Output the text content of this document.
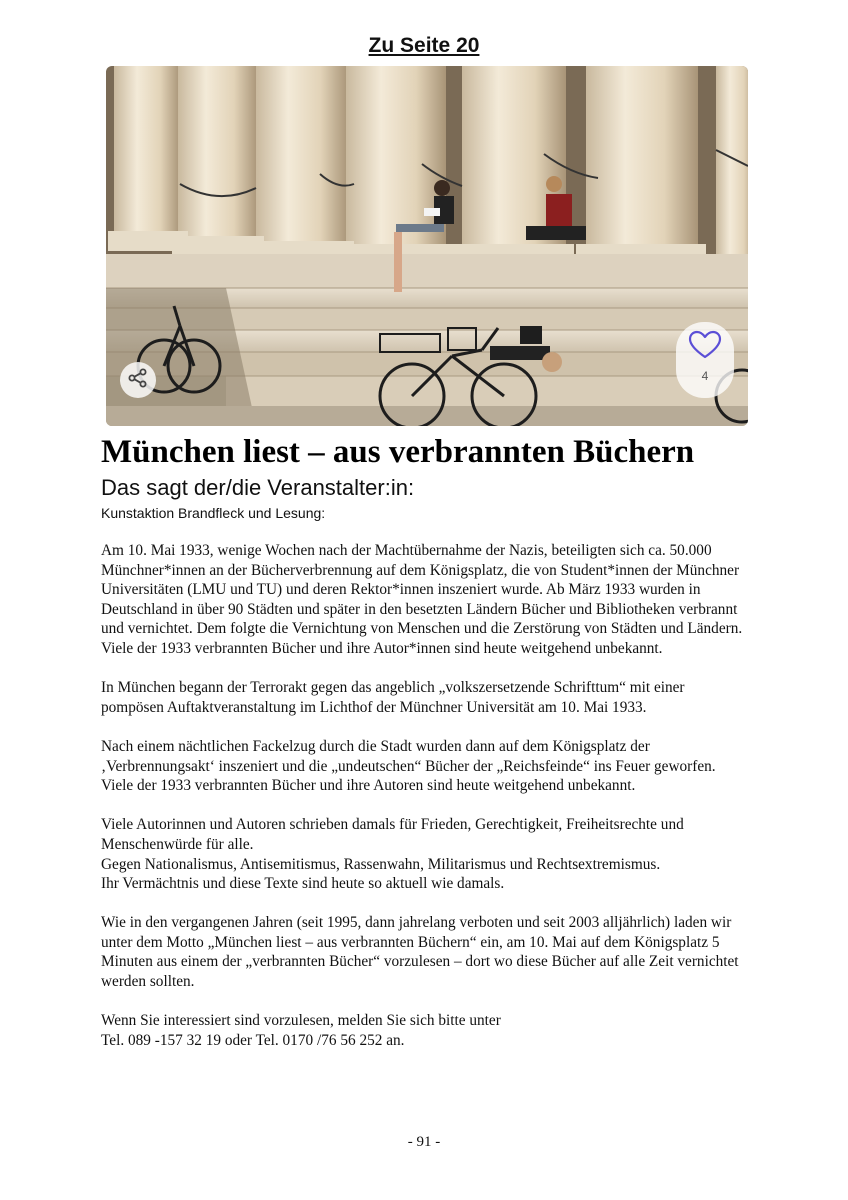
Zu Seite 20
4
München liest – aus verbrannten Büchern
Das sagt der/die Veranstalter:in:
Kunstaktion Brandfleck und Lesung:

Am 10. Mai 1933, wenige Wochen nach der Machtübernahme der Nazis, beteiligten sich ca. 50.000 Münchner*innen an der Bücherverbrennung auf dem Königsplatz, die von Student*innen der Münchner Universitäten (LMU und TU) und deren Rektor*innen inszeniert wurde. Ab März 1933 wurden in Deutschland in über 90 Städten und später in den besetzten Ländern Bücher und Bibliotheken verbrannt und vernichtet. Dem folgte die Vernichtung von Menschen und die Zerstörung von Städten und Ländern. Viele der 1933 verbrannten Bücher und ihre Autor*innen sind heute weitgehend unbekannt.

In München begann der Terrorakt gegen das angeblich „volkszersetzende Schrifttum“ mit einer pompösen Auftaktveranstaltung im Lichthof der Münchner Universität am 10. Mai 1933.

Nach einem nächtlichen Fackelzug durch die Stadt wurden dann auf dem Königsplatz der ‚Verbrennungsakt‘ inszeniert und die „undeutschen“ Bücher der „Reichsfeinde“ ins Feuer geworfen. Viele der 1933 verbrannten Bücher und ihre Autoren sind heute weitgehend unbekannt.

Viele Autorinnen und Autoren schrieben damals für Frieden, Gerechtigkeit, Freiheitsrechte und Menschenwürde für alle.
Gegen Nationalismus, Antisemitismus, Rassenwahn, Militarismus und Rechtsextremismus.
Ihr Vermächtnis und diese Texte sind heute so aktuell wie damals.

Wie in den vergangenen Jahren (seit 1995, dann jahrelang verboten und seit 2003 alljährlich) laden wir unter dem Motto „München liest – aus verbrannten Büchern“ ein, am 10. Mai auf dem Königsplatz 5 Minuten aus einem der „verbrannten Bücher“ vorzulesen – dort wo diese Bücher auf alle Zeit vernichtet werden sollten.

Wenn Sie interessiert sind vorzulesen, melden Sie sich bitte unter
Tel. 089 -157 32 19 oder Tel. 0170 /76 56 252 an.

- 91 -
